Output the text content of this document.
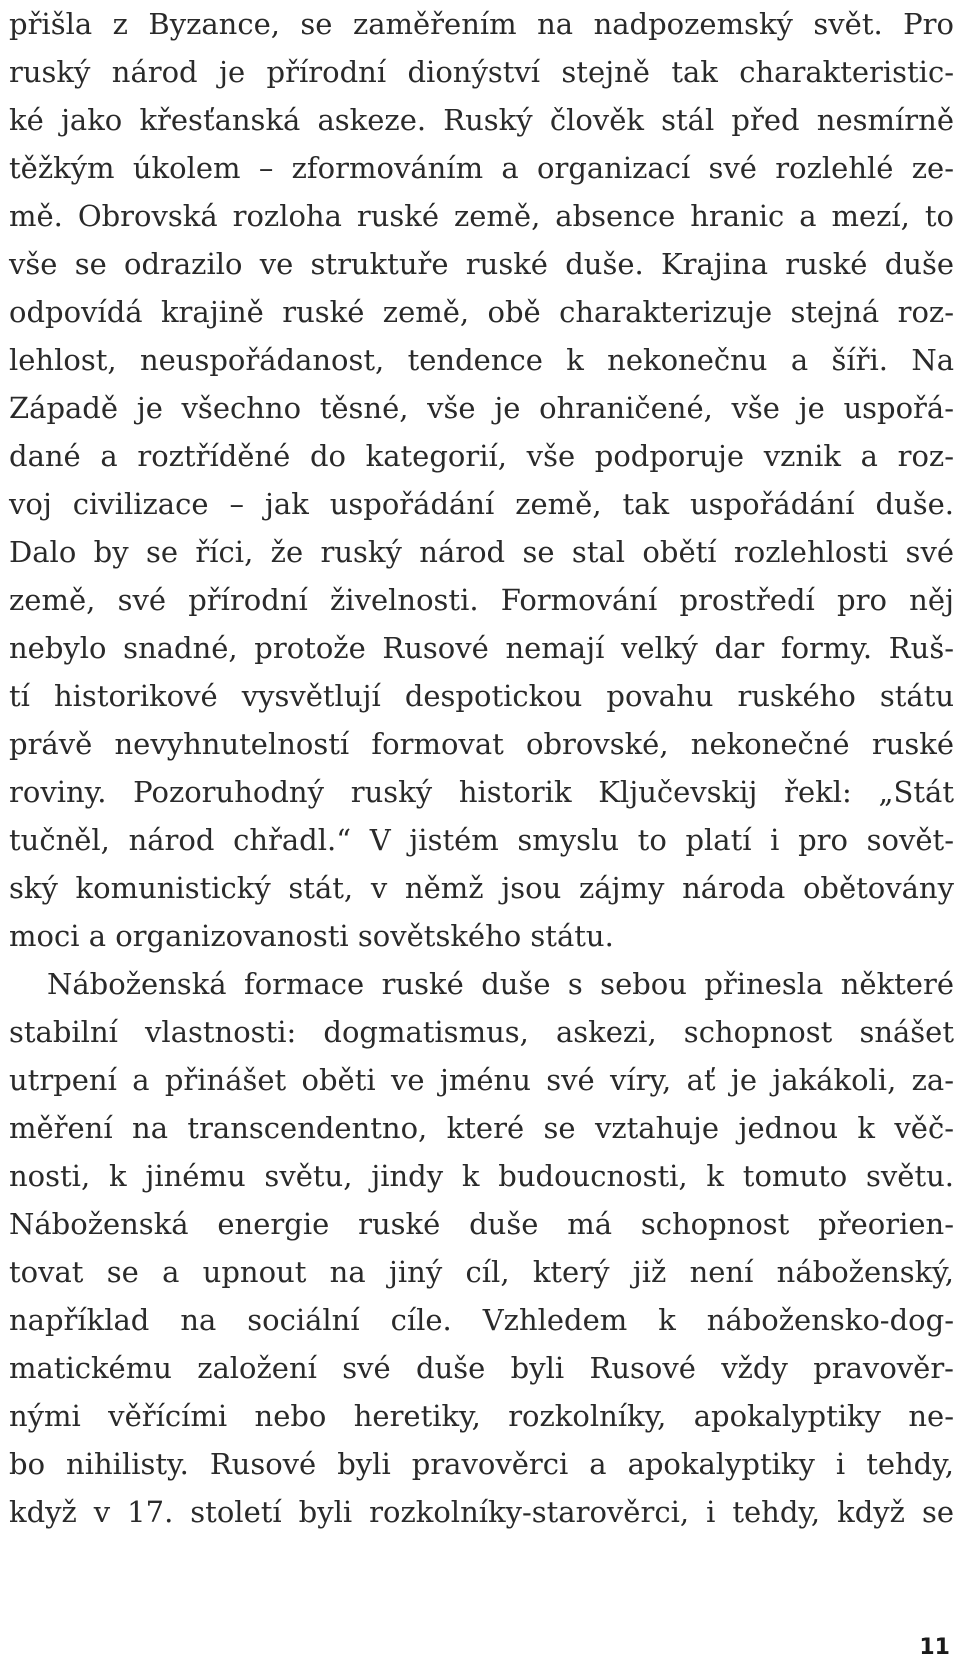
přišla z Byzance, se zaměřením na nadpozemský svět. Pro
ruský národ je přírodní dionýství stejně tak charakteristic-
ké jako křesťanská askeze. Ruský člověk stál před nesmírně
těžkým úkolem – zformováním a organizací své rozlehlé ze-
mě. Obrovská rozloha ruské země, absence hranic a mezí, to
vše se odrazilo ve struktuře ruské duše. Krajina ruské duše
odpovídá krajině ruské země, obě charakterizuje stejná roz-
lehlost, neuspořádanost, tendence k nekonečnu a šíři. Na
Západě je všechno těsné, vše je ohraničené, vše je uspořá-
dané a roztříděné do kategorií, vše podporuje vznik a roz-
voj civilizace – jak uspořádání země, tak uspořádání duše.
Dalo by se říci, že ruský národ se stal obětí rozlehlosti své
země, své přírodní živelnosti. Formování prostředí pro něj
nebylo snadné, protože Rusové nemají velký dar formy. Ruš-
tí historikové vysvětlují despotickou povahu ruského státu
právě nevyhnutelností formovat obrovské, nekonečné ruské
roviny. Pozoruhodný ruský historik Ključevskij řekl: „Stát
tučněl, národ chřadl.“ V jistém smyslu to platí i pro sovět-
ský komunistický stát, v němž jsou zájmy národa obětovány
moci a organizovanosti sovětského státu.
Náboženská formace ruské duše s sebou přinesla některé
stabilní vlastnosti: dogmatismus, askezi, schopnost snášet
utrpení a přinášet oběti ve jménu své víry, ať je jakákoli, za-
měření na transcendentno, které se vztahuje jednou k věč-
nosti, k jinému světu, jindy k budoucnosti, k tomuto světu.
Náboženská energie ruské duše má schopnost přeorien-
tovat se a upnout na jiný cíl, který již není náboženský,
například na sociální cíle. Vzhledem k nábožensko-dog-
matickému založení své duše byli Rusové vždy pravověr-
nými věřícími nebo heretiky, rozkolníky, apokalyptiky ne-
bo nihilisty. Rusové byli pravověrci a apokalyptiky i tehdy,
když v 17. století byli rozkolníky-starověrci, i tehdy, když se
11
